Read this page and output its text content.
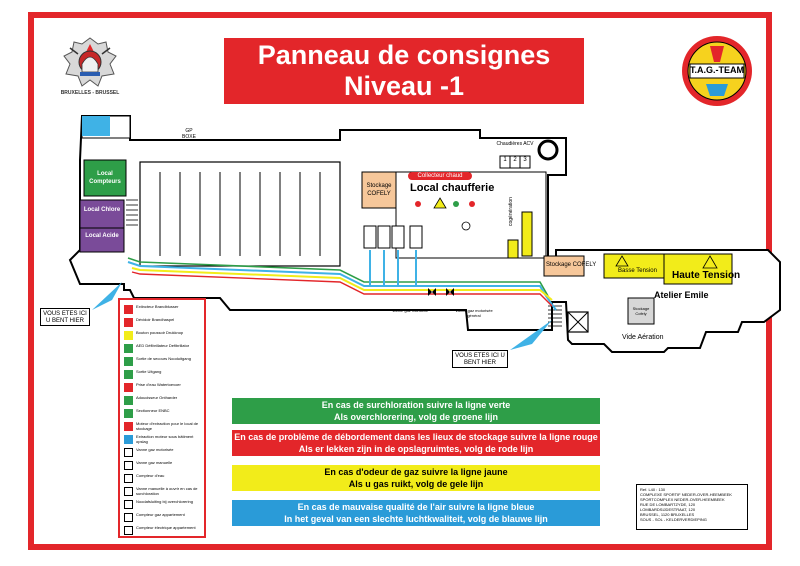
BRUXELLES - BRUSSEL
Panneau de consignes
Niveau -1
T.A.G.-TEAM
GP BOXE
Local Compteurs
Local Chlore
Local Acide
Stockage COFELY
Collecteur chaud
Local chaufferie
Chaudières ACV
1	2	3
cogénération
Stockage COFELY
Basse Tension Haute Tension
Atelier Emile
Stockage Cofely
Vide Aération
Vanne gaz manuelle	Vanne gaz motorisée général
VOUS ETES ICI U BENT HIER
VOUS ETES ICI U BENT HIER
Extincteur Brandblusser
Dévidoir Brandhaspel
Bouton poussoir Drukknop
AED Défibrillateur Defibrillator
Sortie de secours Nooduitgang
Sortie Uitgang
Prise d'eau Watertoevoer
Adoucisseur Ontharder
Sectionneur ENBC
Moteur d'extraction pour le local de stockage
Extraction moteur sous bâtiment opslag
Vanne gaz motorisée
Vanne gaz manuelle
Compteur d'eau
Vanne manuelle à ouvrir en cas de surchloration
Noodafsluiting bij overchlorering
Compteur gaz appartement
Compteur électrique appartement
En cas de surchloration suivre la ligne verte
Als overchlorering, volg de groene lijn
En cas de problème de débordement dans les lieux de stockage suivre la ligne rouge
Als er lekken zijn in de opslagruimtes, volg de rode lijn
En cas d'odeur de gaz suivre la ligne jaune
Als u gas ruikt, volg de gele lijn
En cas de mauvaise qualité de l'air suivre la ligne bleue
In het geval van een slechte luchtkwaliteit, volg de blauwe lijn
Ref. L40 : 130
COMPLEXE SPORTIF NEDER-OVER-HEEMBEEK
SPORTCOMPLEX NEDER-OVER-HEEMBEEK
RUE DE LOMBARTZYDE, 120
LOMBARDSIJDESTRAAT, 120
BRUSSEL, 1120 BRUXELLES
SOUS - SOL - KELDERVERDIEPING
